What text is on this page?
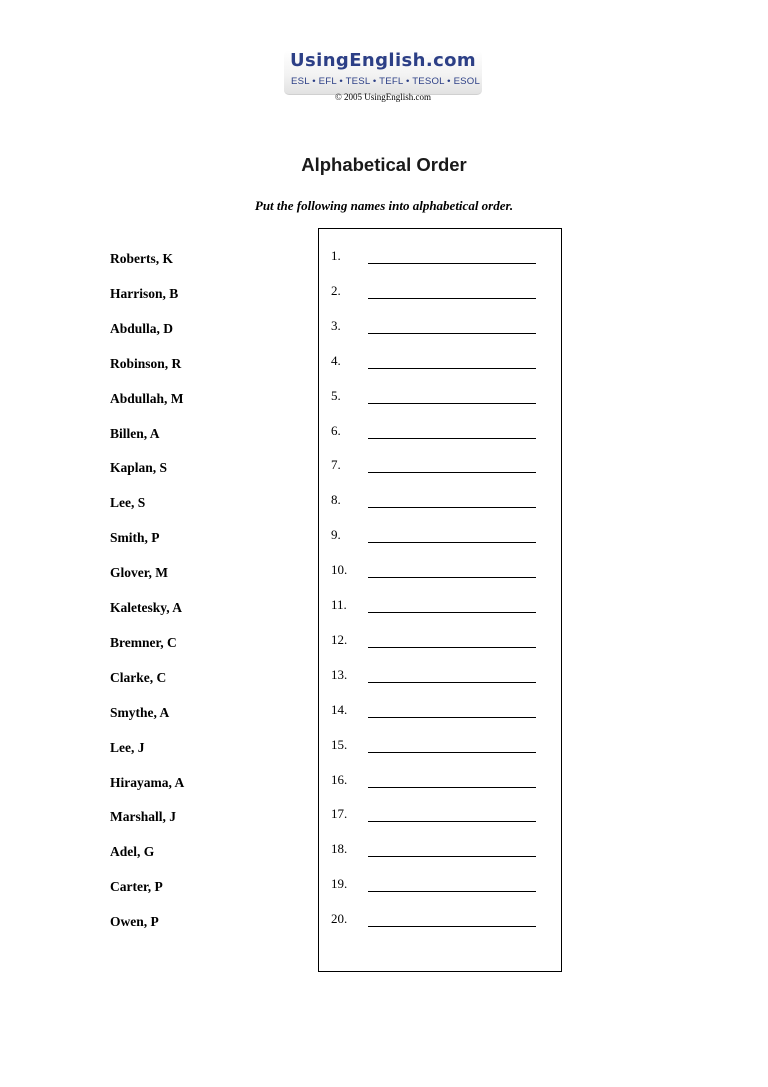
UsingEnglish.com
ESL • EFL • TESL • TEFL • TESOL • ESOL
© 2005 UsingEnglish.com
Alphabetical Order
Put the following names into alphabetical order.
Roberts, K
Harrison, B
Abdulla, D
Robinson, R
Abdullah, M
Billen, A
Kaplan, S
Lee, S
Smith, P
Glover, M
Kaletesky, A
Bremner, C
Clarke, C
Smythe, A
Lee, J
Hirayama, A
Marshall, J
Adel, G
Carter, P
Owen, P
1.
2.
3.
4.
5.
6.
7.
8.
9.
10.
11.
12.
13.
14.
15.
16.
17.
18.
19.
20.
